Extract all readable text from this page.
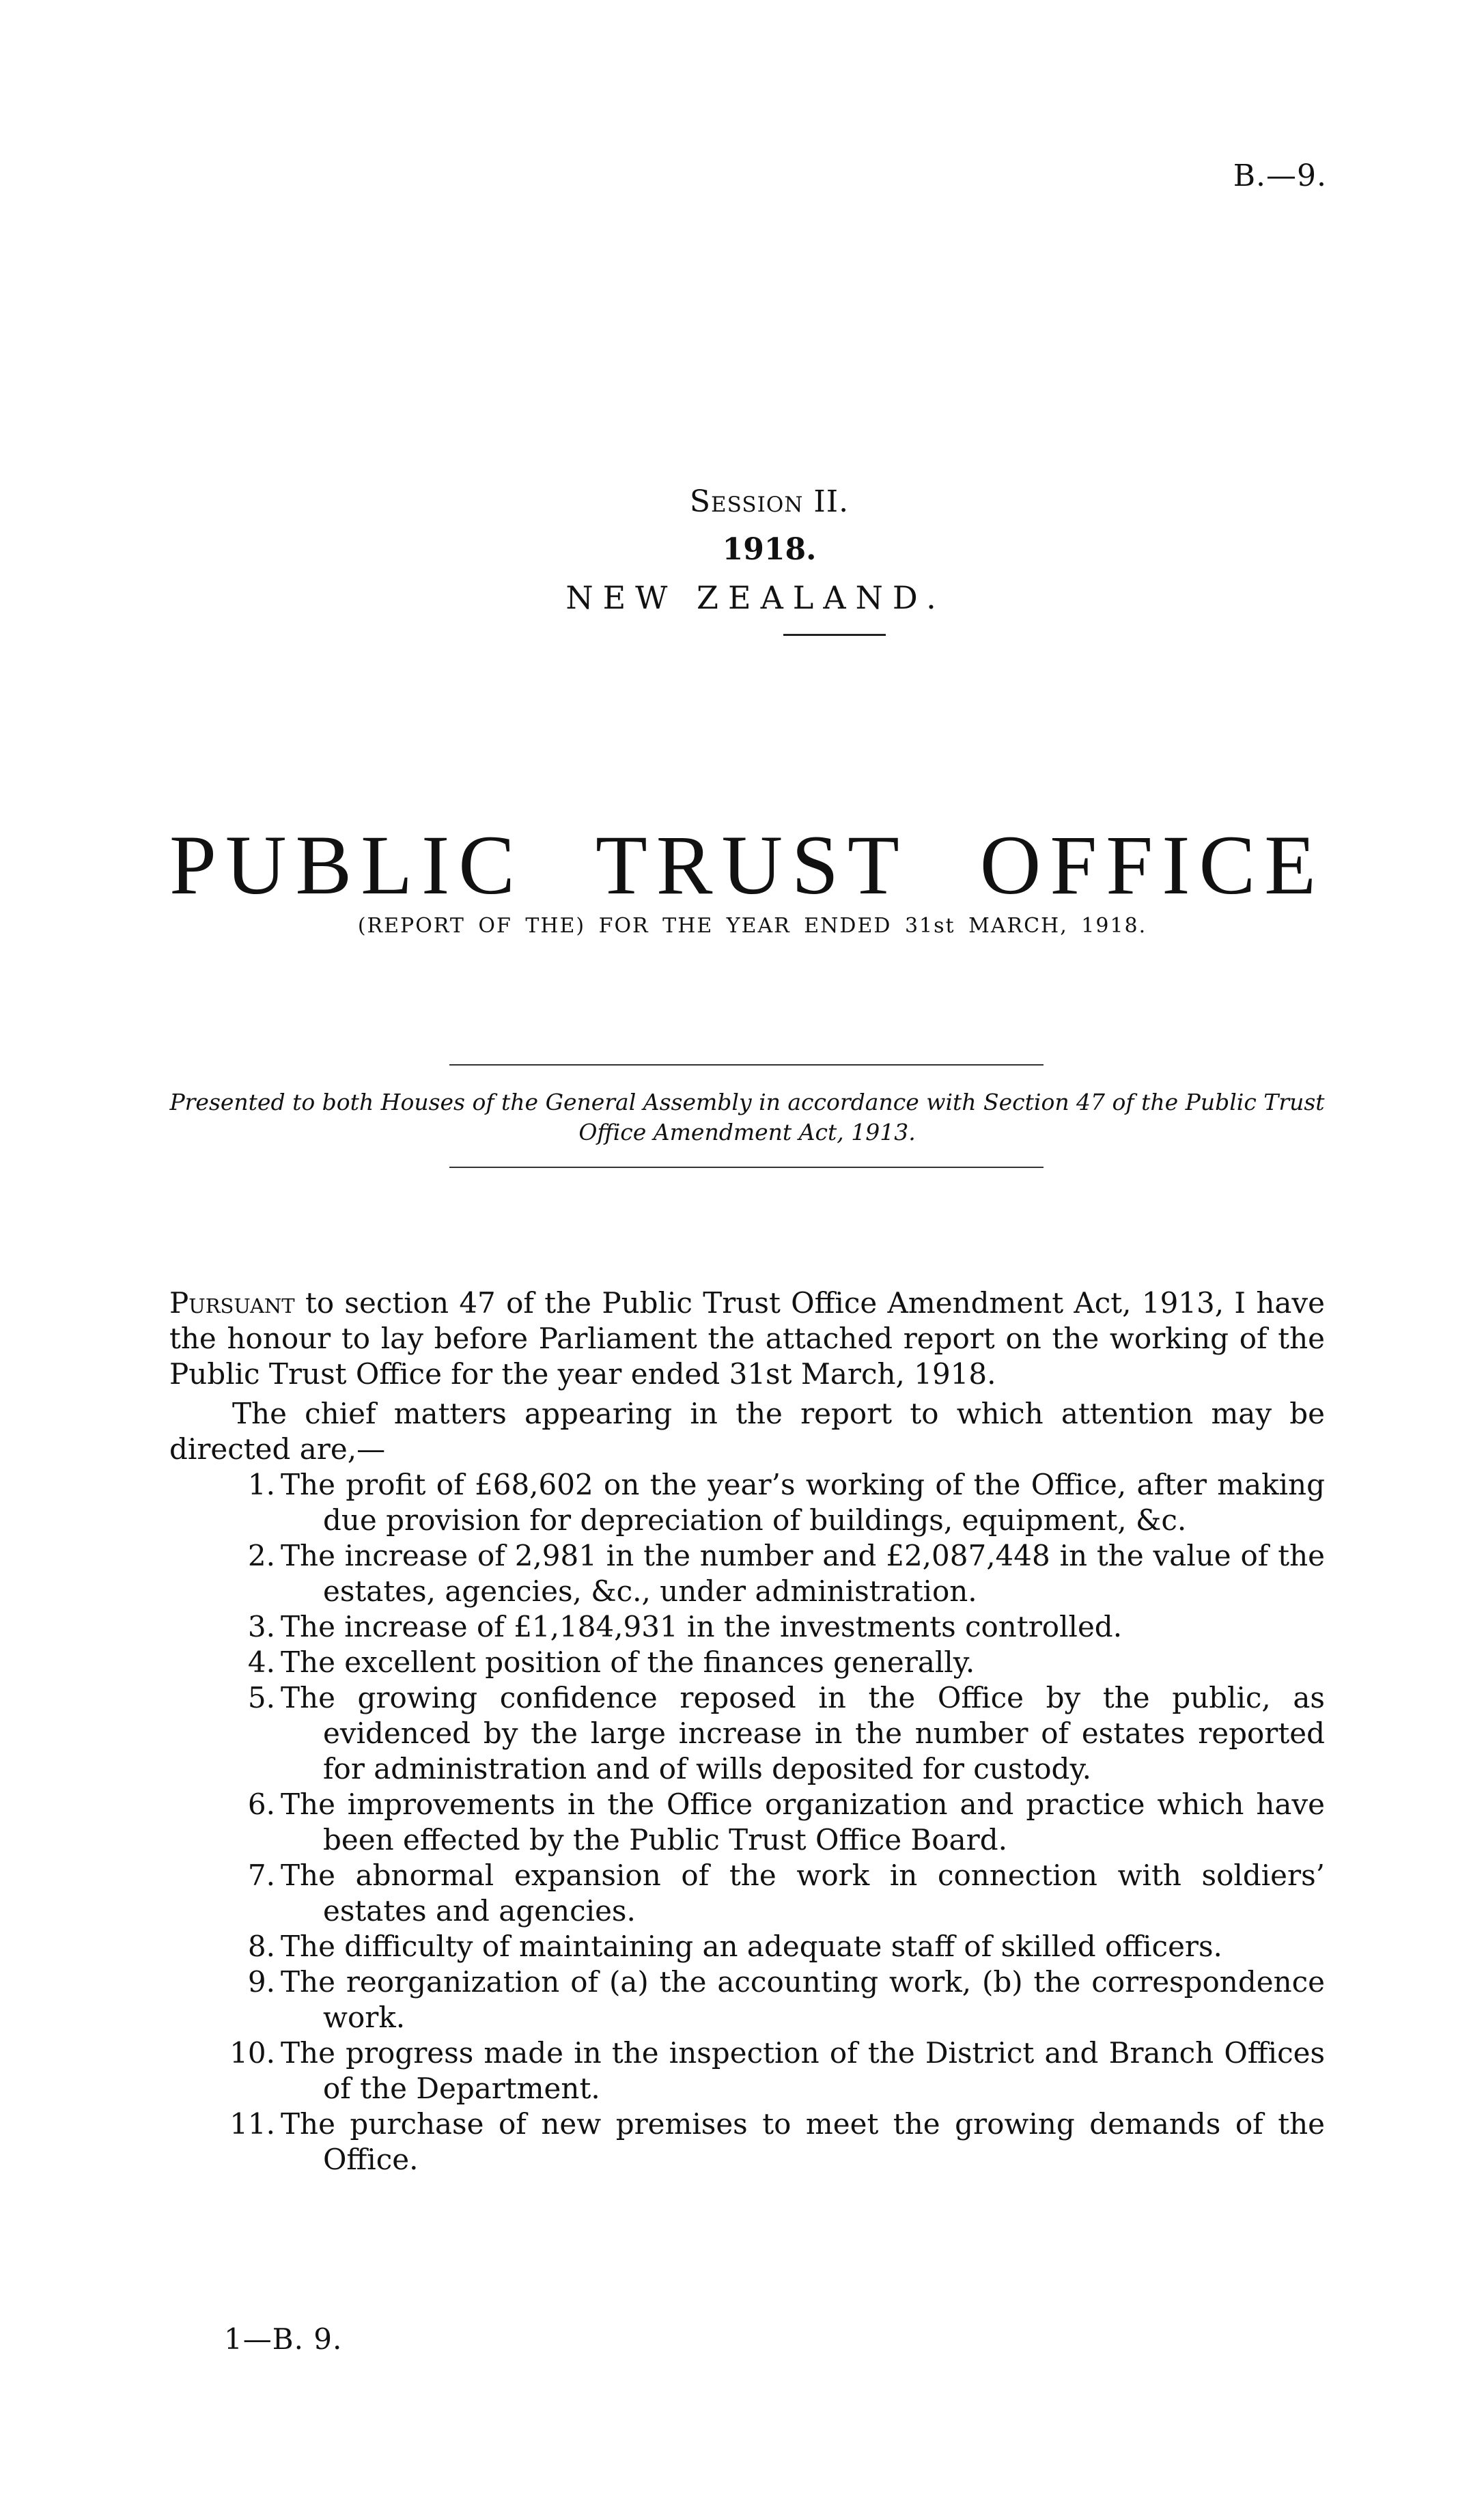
B.—9.
Session II.
1918.
NEW ZEALAND.
PUBLIC TRUST OFFICE
(REPORT OF THE) FOR THE YEAR ENDED 31st MARCH, 1918.
Presented to both Houses of the General Assembly in accordance with Section 47 of the Public Trust Office Amendment Act, 1913.

Pursuant to section 47 of the Public Trust Office Amendment Act, 1913, I have the honour to lay before Parliament the attached report on the working of the Public Trust Office for the year ended 31st March, 1918.

The chief matters appearing in the report to which attention may be directed are,—

1. The profit of £68,602 on the year’s working of the Office, after making due provision for depreciation of buildings, equipment, &c.
2. The increase of 2,981 in the number and £2,087,448 in the value of the estates, agencies, &c., under administration.
3. The increase of £1,184,931 in the investments controlled.
4. The excellent position of the finances generally.
5. The growing confidence reposed in the Office by the public, as evidenced by the large increase in the number of estates reported for administration and of wills deposited for custody.
6. The improvements in the Office organization and practice which have been effected by the Public Trust Office Board.
7. The abnormal expansion of the work in connection with soldiers’ estates and agencies.
8. The difficulty of maintaining an adequate staff of skilled officers.
9. The reorganization of (a) the accounting work, (b) the correspondence work.
10. The progress made in the inspection of the District and Branch Offices of the Department.
11. The purchase of new premises to meet the growing demands of the Office.
1—B. 9.
